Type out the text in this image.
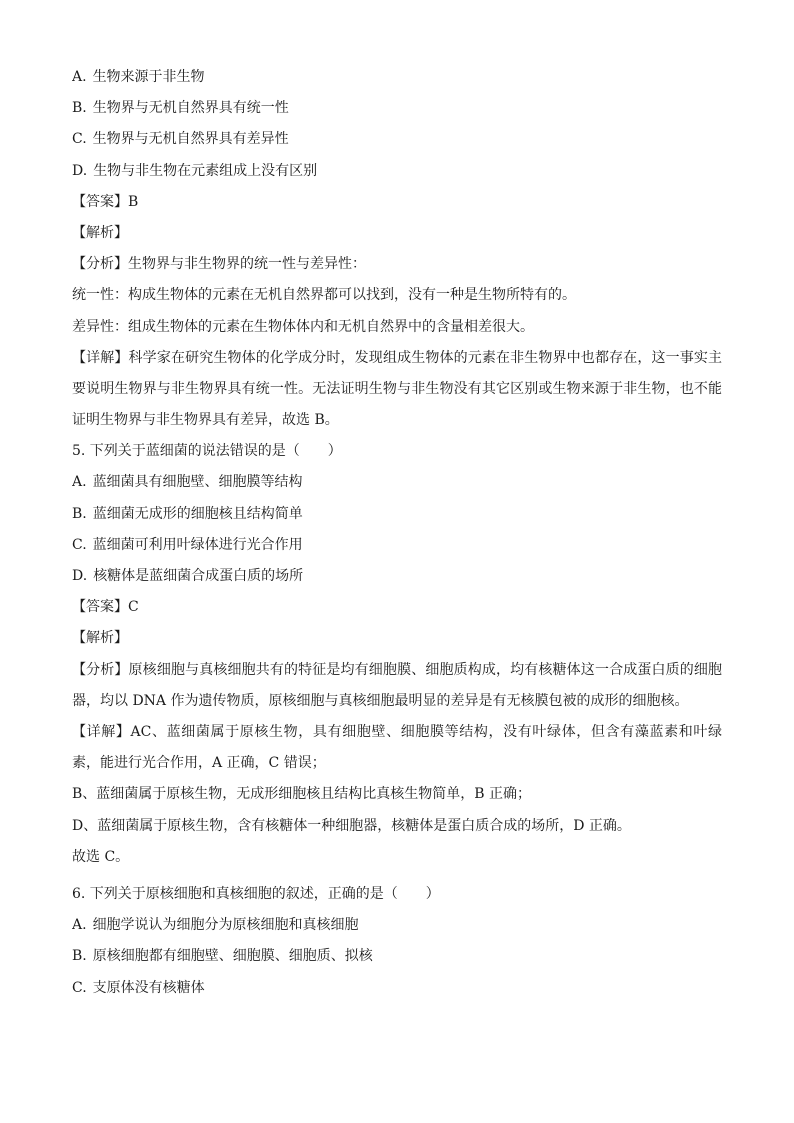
A. 生物来源于非生物
B. 生物界与无机自然界具有统一性
C. 生物界与无机自然界具有差异性
D. 生物与非生物在元素组成上没有区别
【答案】B
【解析】
【分析】生物界与非生物界的统一性与差异性：
统一性：构成生物体的元素在无机自然界都可以找到，没有一种是生物所特有的。
差异性：组成生物体的元素在生物体体内和无机自然界中的含量相差很大。
【详解】科学家在研究生物体的化学成分时，发现组成生物体的元素在非生物界中也都存在，这一事实主要说明生物界与非生物界具有统一性。无法证明生物与非生物没有其它区别或生物来源于非生物，也不能证明生物界与非生物界具有差异，故选 B。
5. 下列关于蓝细菌的说法错误的是（　　）
A. 蓝细菌具有细胞壁、细胞膜等结构
B. 蓝细菌无成形的细胞核且结构简单
C. 蓝细菌可利用叶绿体进行光合作用
D. 核糖体是蓝细菌合成蛋白质的场所
【答案】C
【解析】
【分析】原核细胞与真核细胞共有的特征是均有细胞膜、细胞质构成，均有核糖体这一合成蛋白质的细胞器，均以 DNA 作为遗传物质，原核细胞与真核细胞最明显的差异是有无核膜包被的成形的细胞核。
【详解】AC、蓝细菌属于原核生物，具有细胞壁、细胞膜等结构，没有叶绿体，但含有藻蓝素和叶绿素，能进行光合作用，A 正确，C 错误；
B、蓝细菌属于原核生物，无成形细胞核且结构比真核生物简单，B 正确；
D、蓝细菌属于原核生物，含有核糖体一种细胞器，核糖体是蛋白质合成的场所，D 正确。
故选 C。
6. 下列关于原核细胞和真核细胞的叙述，正确的是（　　）
A. 细胞学说认为细胞分为原核细胞和真核细胞
B. 原核细胞都有细胞壁、细胞膜、细胞质、拟核
C. 支原体没有核糖体
